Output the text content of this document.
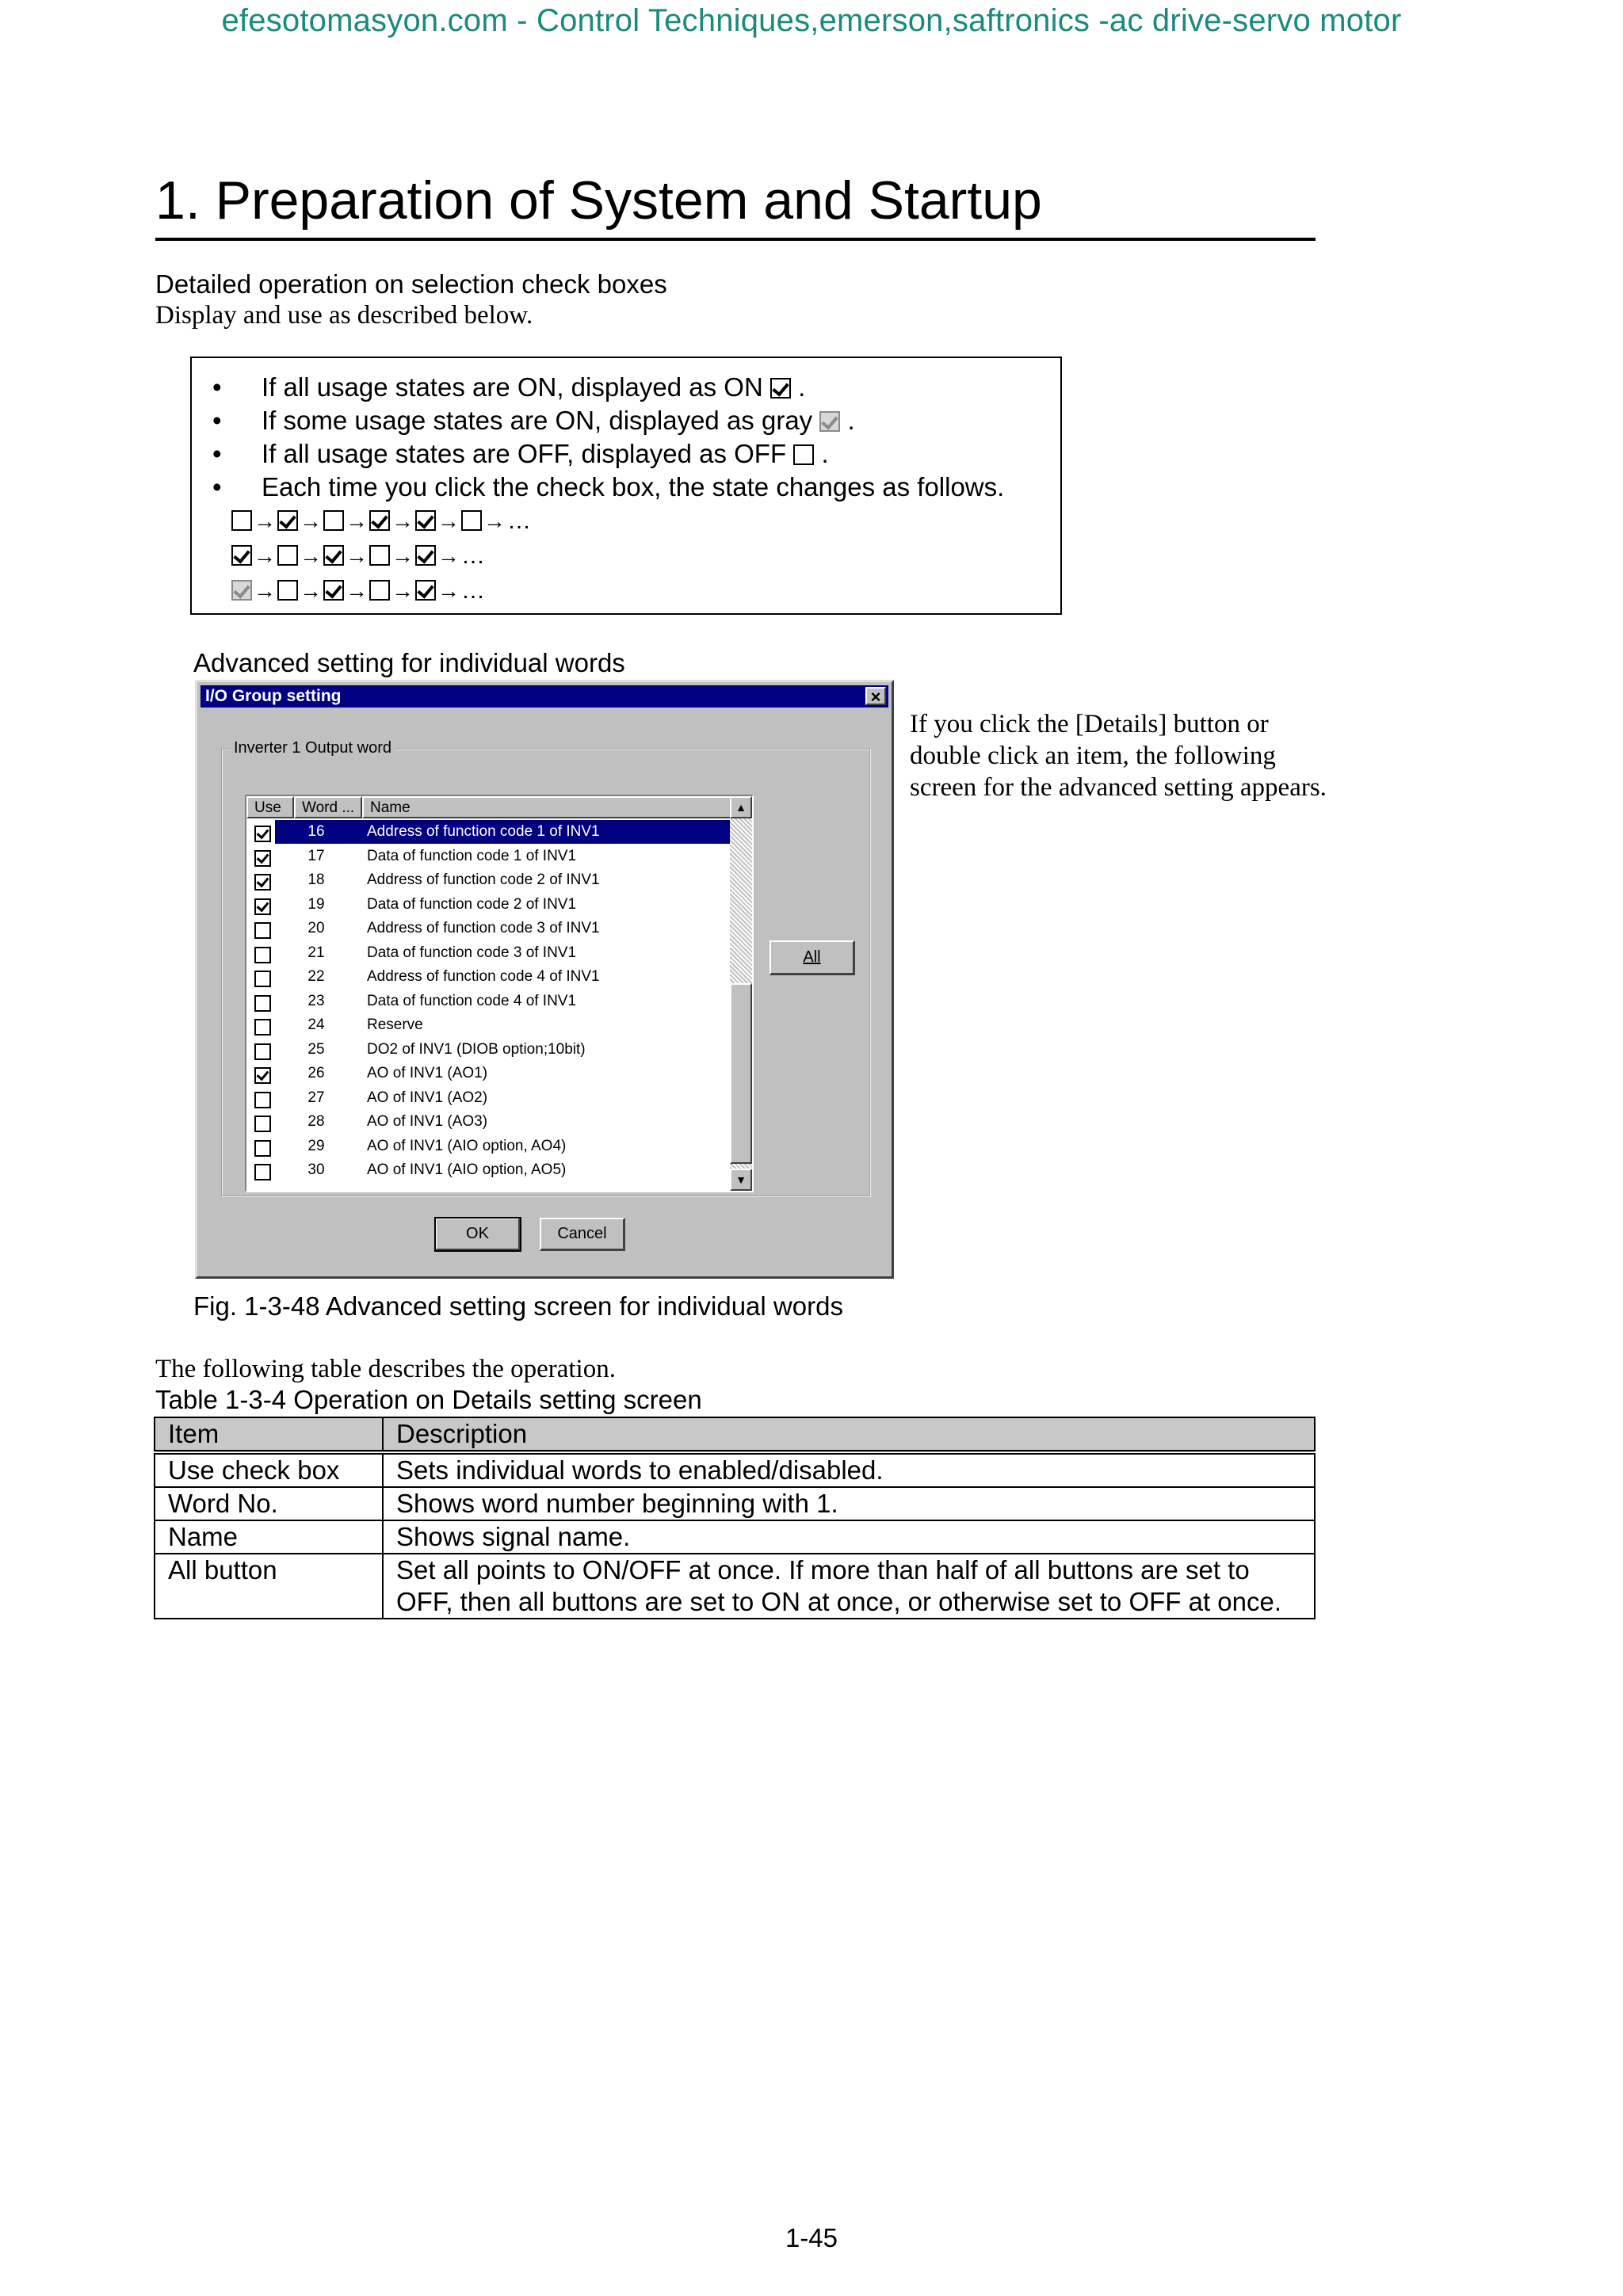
efesotomasyon.com - Control Techniques,emerson,saftronics -ac drive-servo motor
1. Preparation of System and Startup
Detailed operation on selection check boxes
Display and use as described below.
• If all usage states are ON, displayed as ON .
• If some usage states are ON, displayed as gray .
• If all usage states are OFF, displayed as OFF .
• Each time you click the check box, the state changes as follows.
→ → → → → →…
→ → → → →…
→ → → → →…
Advanced setting for individual words
I/O Group setting	×
Inverter 1 Output word
16	Address of function code 1 of INV1
17	Data of function code 1 of INV1
18	Address of function code 2 of INV1
19	Data of function code 2 of INV1
20	Address of function code 3 of INV1
21	Data of function code 3 of INV1
22	Address of function code 4 of INV1
23	Data of function code 4 of INV1
24	Reserve
25	DO2 of INV1 (DIOB option;10bit)
26	AO of INV1 (AO1)
27	AO of INV1 (AO2)
28	AO of INV1 (AO3)
29	AO of INV1 (AIO option, AO4)
30	AO of INV1 (AIO option, AO5)
Use	Word ...	Name	▲
▼
All
OK	Cancel
If you click the [Details] button or double click an item, the following screen for the advanced setting appears.
Fig. 1-3-48 Advanced setting screen for individual words
The following table describes the operation.
Table 1-3-4 Operation on Details setting screen
Item	Description
Use check box	Sets individual words to enabled/disabled.
Word No.	Shows word number beginning with 1.
Name	Shows signal name.
All button	Set all points to ON/OFF at once. If more than half of all buttons are set to OFF, then all buttons are set to ON at once, or otherwise set to OFF at once.
1-45
